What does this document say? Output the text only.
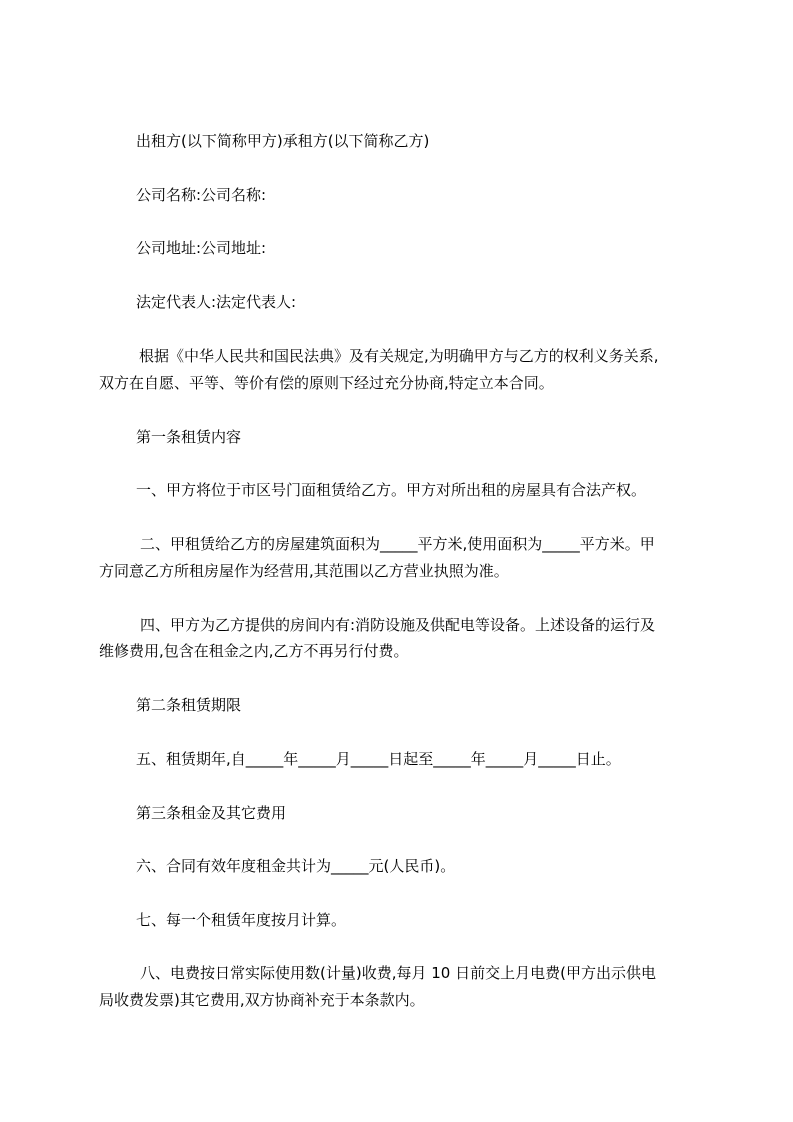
出租方(以下简称甲方)承租方(以下简称乙方)
公司名称:公司名称:
公司地址:公司地址:
法定代表人:法定代表人:
根据《中华人民共和国民法典》及有关规定,为明确甲方与乙方的权利义务关系,
双方在自愿、平等、等价有偿的原则下经过充分协商,特定立本合同。
第一条租赁内容
一、甲方将位于市区号门面租赁给乙方。甲方对所出租的房屋具有合法产权。
二、甲租赁给乙方的房屋建筑面积为_____平方米,使用面积为_____平方米。甲
方同意乙方所租房屋作为经营用,其范围以乙方营业执照为准。
四、甲方为乙方提供的房间内有:消防设施及供配电等设备。上述设备的运行及
维修费用,包含在租金之内,乙方不再另行付费。
第二条租赁期限
五、租赁期年,自_____年_____月_____日起至_____年_____月_____日止。
第三条租金及其它费用
六、合同有效年度租金共计为_____元(人民币)。
七、每一个租赁年度按月计算。
八、电费按日常实际使用数(计量)收费,每月 10 日前交上月电费(甲方出示供电
局收费发票)其它费用,双方协商补充于本条款内。
